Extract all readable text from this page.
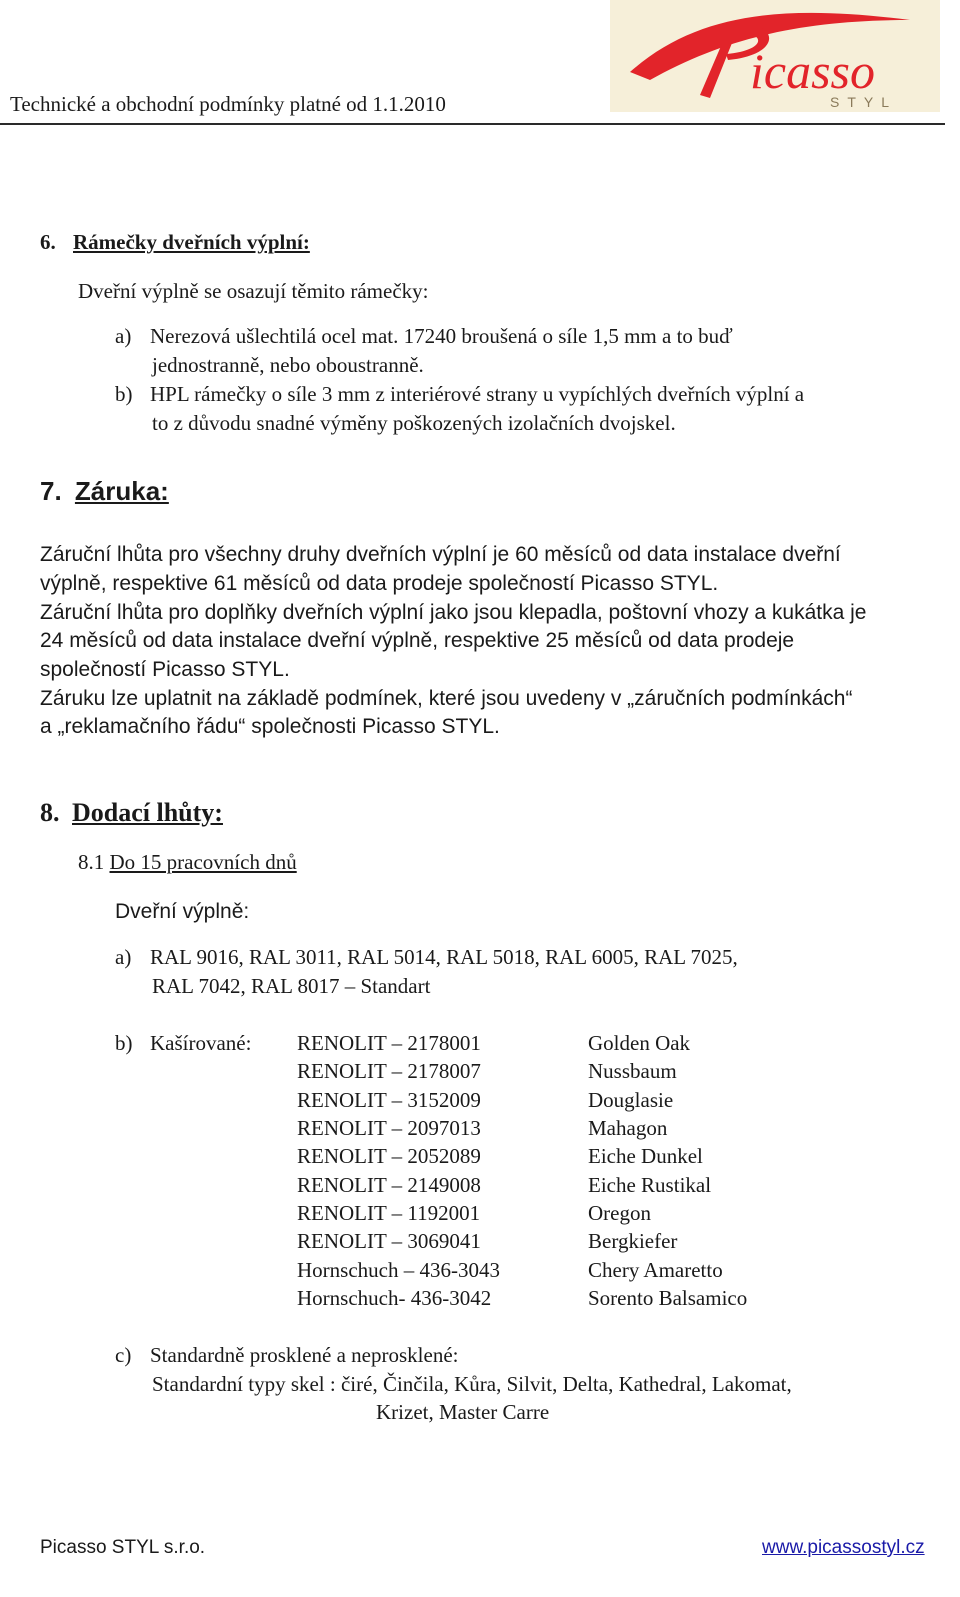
Technické a obchodní podmínky platné od 1.1.2010
icasso
STYL
6. Rámečky dveřních výplní:
Dveřní výplně se osazují těmito rámečky:
a) Nerezová ušlechtilá ocel mat. 17240 broušená o síle 1,5 mm a to buď
jednostranně, nebo oboustranně.
b) HPL rámečky o síle 3 mm z interiérové strany u vypíchlých dveřních výplní a
to z důvodu snadné výměny poškozených izolačních dvojskel.
7. Záruka:
Záruční lhůta pro všechny druhy dveřních výplní je 60 měsíců od data instalace dveřní
výplně, respektive 61 měsíců od data prodeje společností Picasso STYL.
Záruční lhůta pro doplňky dveřních výplní jako jsou klepadla, poštovní vhozy a kukátka je
24 měsíců od data instalace dveřní výplně, respektive 25 měsíců od data prodeje
společností Picasso STYL.
Záruku lze uplatnit na základě podmínek, které jsou uvedeny v „záručních podmínkách“
a „reklamačního řádu“ společnosti Picasso STYL.
8. Dodací lhůty:
8.1 Do 15 pracovních dnů
Dveřní výplně:
a) RAL 9016, RAL 3011, RAL 5014, RAL 5018, RAL 6005, RAL 7025,
RAL 7042, RAL 8017 – Standart
b) Kašírované: RENOLIT – 2178001	Golden Oak
RENOLIT – 2178007	Nussbaum
RENOLIT – 3152009	Douglasie
RENOLIT – 2097013	Mahagon
RENOLIT – 2052089	Eiche Dunkel
RENOLIT – 2149008	Eiche Rustikal
RENOLIT – 1192001	Oregon
RENOLIT – 3069041	Bergkiefer
Hornschuch – 436-3043	Chery Amaretto
Hornschuch- 436-3042	Sorento Balsamico
c) Standardně prosklené a neprosklené:
Standardní typy skel : čiré, Činčila, Kůra, Silvit, Delta, Kathedral, Lakomat,
Krizet, Master Carre
Picasso STYL s.r.o.	www.picassostyl.cz
